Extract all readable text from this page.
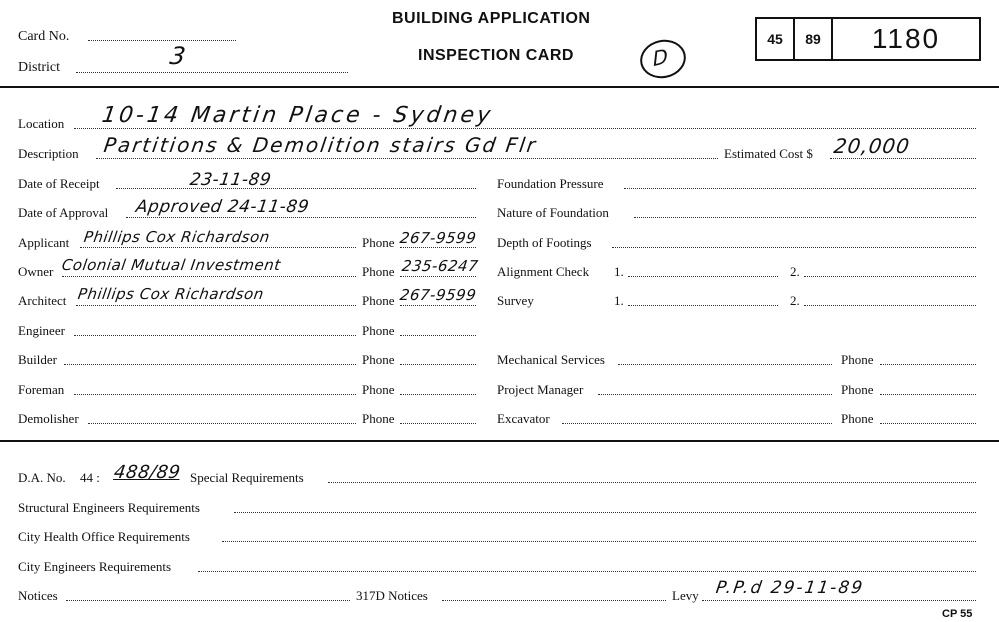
Card No.
District	3
BUILDING APPLICATION
INSPECTION CARD	D
45	89	1180
Location 10-14 Martin Place - Sydney
Description Partitions & Demolition stairs Gd Flr	Estimated Cost $ 20,000
Date of Receipt	23-11-89
Date of Approval Approved 24-11-89
Applicant Phillips Cox Richardson	Phone 267-9599
Owner Colonial Mutual Investment	Phone 235-6247
Architect Phillips Cox Richardson	Phone 267-9599
Engineer	Phone
Builder	Phone
Foreman	Phone
Demolisher	Phone
Foundation Pressure
Nature of Foundation
Depth of Footings
Alignment Check 1.	2.
Survey	1.	2.
Mechanical Services	Phone
Project Manager	Phone
Excavator	Phone
D.A. No. 44 : 488/89 Special Requirements
Structural Engineers Requirements
City Health Office Requirements
City Engineers Requirements
Notices	317D Notices	Levy P.P.d 29-11-89
CP 55
